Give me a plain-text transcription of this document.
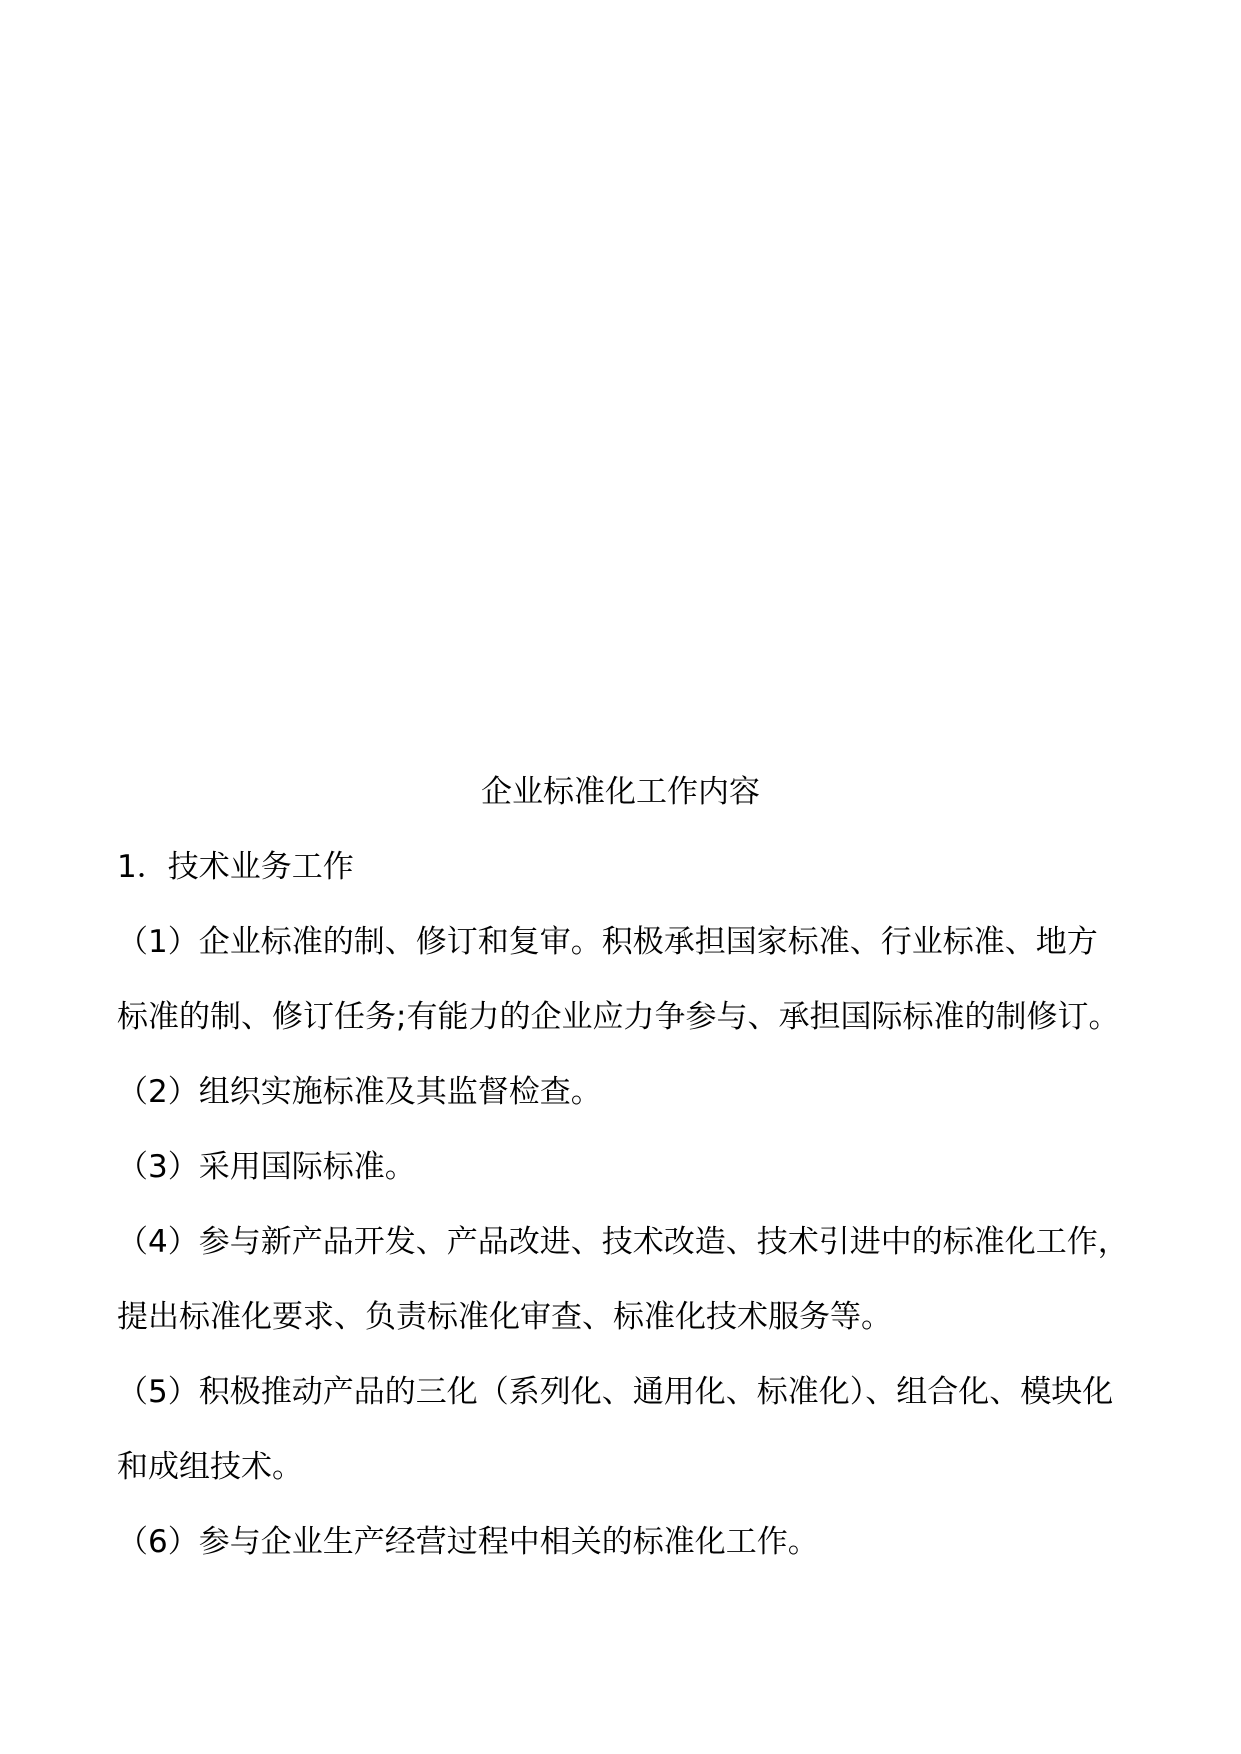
企业标准化工作内容

1．技术业务工作

（1）企业标准的制、修订和复审。积极承担国家标准、行业标准、地方

标准的制、修订任务;有能力的企业应力争参与、承担国际标准的制修订。

（2）组织实施标准及其监督检查。

（3）采用国际标准。

（4）参与新产品开发、产品改进、技术改造、技术引进中的标准化工作，

提出标准化要求、负责标准化审查、标准化技术服务等。

（5）积极推动产品的三化（系列化、通用化、标准化）、组合化、模块化

和成组技术。

（6）参与企业生产经营过程中相关的标准化工作。
